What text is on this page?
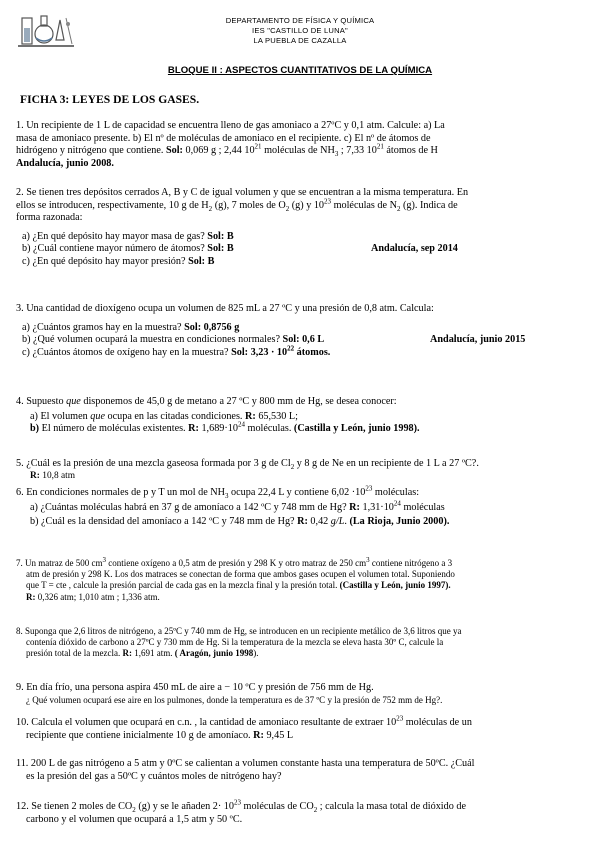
DEPARTAMENTO DE FÍSICA Y QUÍMICA
IES "CASTILLO DE LUNA"
LA PUEBLA DE CAZALLA
BLOQUE II : ASPECTOS CUANTITATIVOS DE LA QUÍMICA
FICHA 3: LEYES DE LOS GASES.

1. Un recipiente de 1 L de capacidad se encuentra lleno de gas amoniaco a 27ºC y 0,1 atm. Calcule: a) La

masa de amoniaco presente. b) El nº de moléculas de amoniaco en el recipiente. c) El nº de átomos de

hidrógeno y nitrógeno que contiene. Sol: 0,069 g ; 2,44 $10^{21}$ moléculas de $NH_3$ ; 7,33 $10^{21}$ átomos de H

Andalucía, junio 2008.

2. Se tienen tres depósitos cerrados A, B y C de igual volumen y que se encuentran a la misma temperatura. En

ellos se introducen, respectivamente, 10 g de $H_2$ (g), 7 moles de $O_2$ (g) y $10^{23}$ moléculas de $N_2$ (g). Indica de

forma razonada:

a) ¿En qué depósito hay mayor masa de gas? Sol: B

b) ¿Cuál contiene mayor número de átomos? Sol: B	Andalucía, sep 2014

c) ¿En qué depósito hay mayor presión? Sol: B

3. Una cantidad de dioxígeno ocupa un volumen de 825 mL a 27 ºC y una presión de 0,8 atm. Calcula:

a) ¿Cuántos gramos hay en la muestra? Sol: 0,8756 g

b) ¿Qué volumen ocupará la muestra en condiciones normales? Sol: 0,6 L	Andalucía, junio 2015

c) ¿Cuántos átomos de oxígeno hay en la muestra? Sol: $3,23 \cdot 10^{22}$ átomos.

4. Supuesto que disponemos de 45,0 g de metano a 27 ºC y 800 mm de Hg, se desea conocer:

a) El volumen que ocupa en las citadas condiciones. R: 65,530 L;

b) El número de moléculas existentes. R: $1,689\cdot 10^{24}$ moléculas. (Castilla y León, junio 1998).

5. ¿Cuál es la presión de una mezcla gaseosa formada por 3 g de $Cl_2$ y 8 g de Ne en un recipiente de 1 L a 27 ºC?.

R: 10,8 atm

6. En condiciones normales de p y T un mol de $NH_3$ ocupa 22,4 L y contiene $6,02 \cdot 10^{23}$ moléculas:

a) ¿Cuántas moléculas habrá en 37 g de amoníaco a 142 ºC y 748 mm de Hg? R: $1,31\cdot 10^{24}$ moléculas

b) ¿Cuál es la densidad del amoníaco a 142 ºC y 748 mm de Hg? R: 0,42 g/L. (La Rioja, Junio 2000).

7. Un matraz de 500 $cm^3$ contiene oxígeno a 0,5 atm de presión y 298 K y otro matraz de 250 $cm^3$ contiene nitrógeno a 3

atm de presión y 298 K. Los dos matraces se conectan de forma que ambos gases ocupen el volumen total. Suponiendo

que T = cte , calcule la presión parcial de cada gas en la mezcla final y la presión total. (Castilla y León, junio 1997).

R: 0,326 atm; 1,010 atm ; 1,336 atm.

8. Suponga que 2,6 litros de nitrógeno, a 25ºC y 740 mm de Hg, se introducen en un recipiente metálico de 3,6 litros que ya

contenía dióxido de carbono a 27ºC y 730 mm de Hg. Si la temperatura de la mezcla se eleva hasta 30º C, calcule la

presión total de la mezcla. R: 1,691 atm. ( Aragón, junio 1998).

9. En día frío, una persona aspira 450 mL de aire a − 10 ºC y presión de 756 mm de Hg.

¿ Qué volumen ocupará ese aire en los pulmones, donde la temperatura es de 37 ºC y la presión de 752 mm de Hg?.

10. Calcula el volumen que ocupará en c.n. , la cantidad de amoniaco resultante de extraer $10^{23}$ moléculas de un

recipiente que contiene inicialmente 10 g de amoníaco. R: 9,45 L

11. 200 L de gas nitrógeno a 5 atm y 0ºC se calientan a volumen constante hasta una temperatura de 50ºC. ¿Cuál

es la presión del gas a 50ºC y cuántos moles de nitrógeno hay?

12. Se tienen 2 moles de $CO_2$ (g) y se le añaden $2\cdot 10^{23}$ moléculas de $CO_2$ ; calcula la masa total de dióxido de

carbono y el volumen que ocupará a 1,5 atm y 50 ºC.
